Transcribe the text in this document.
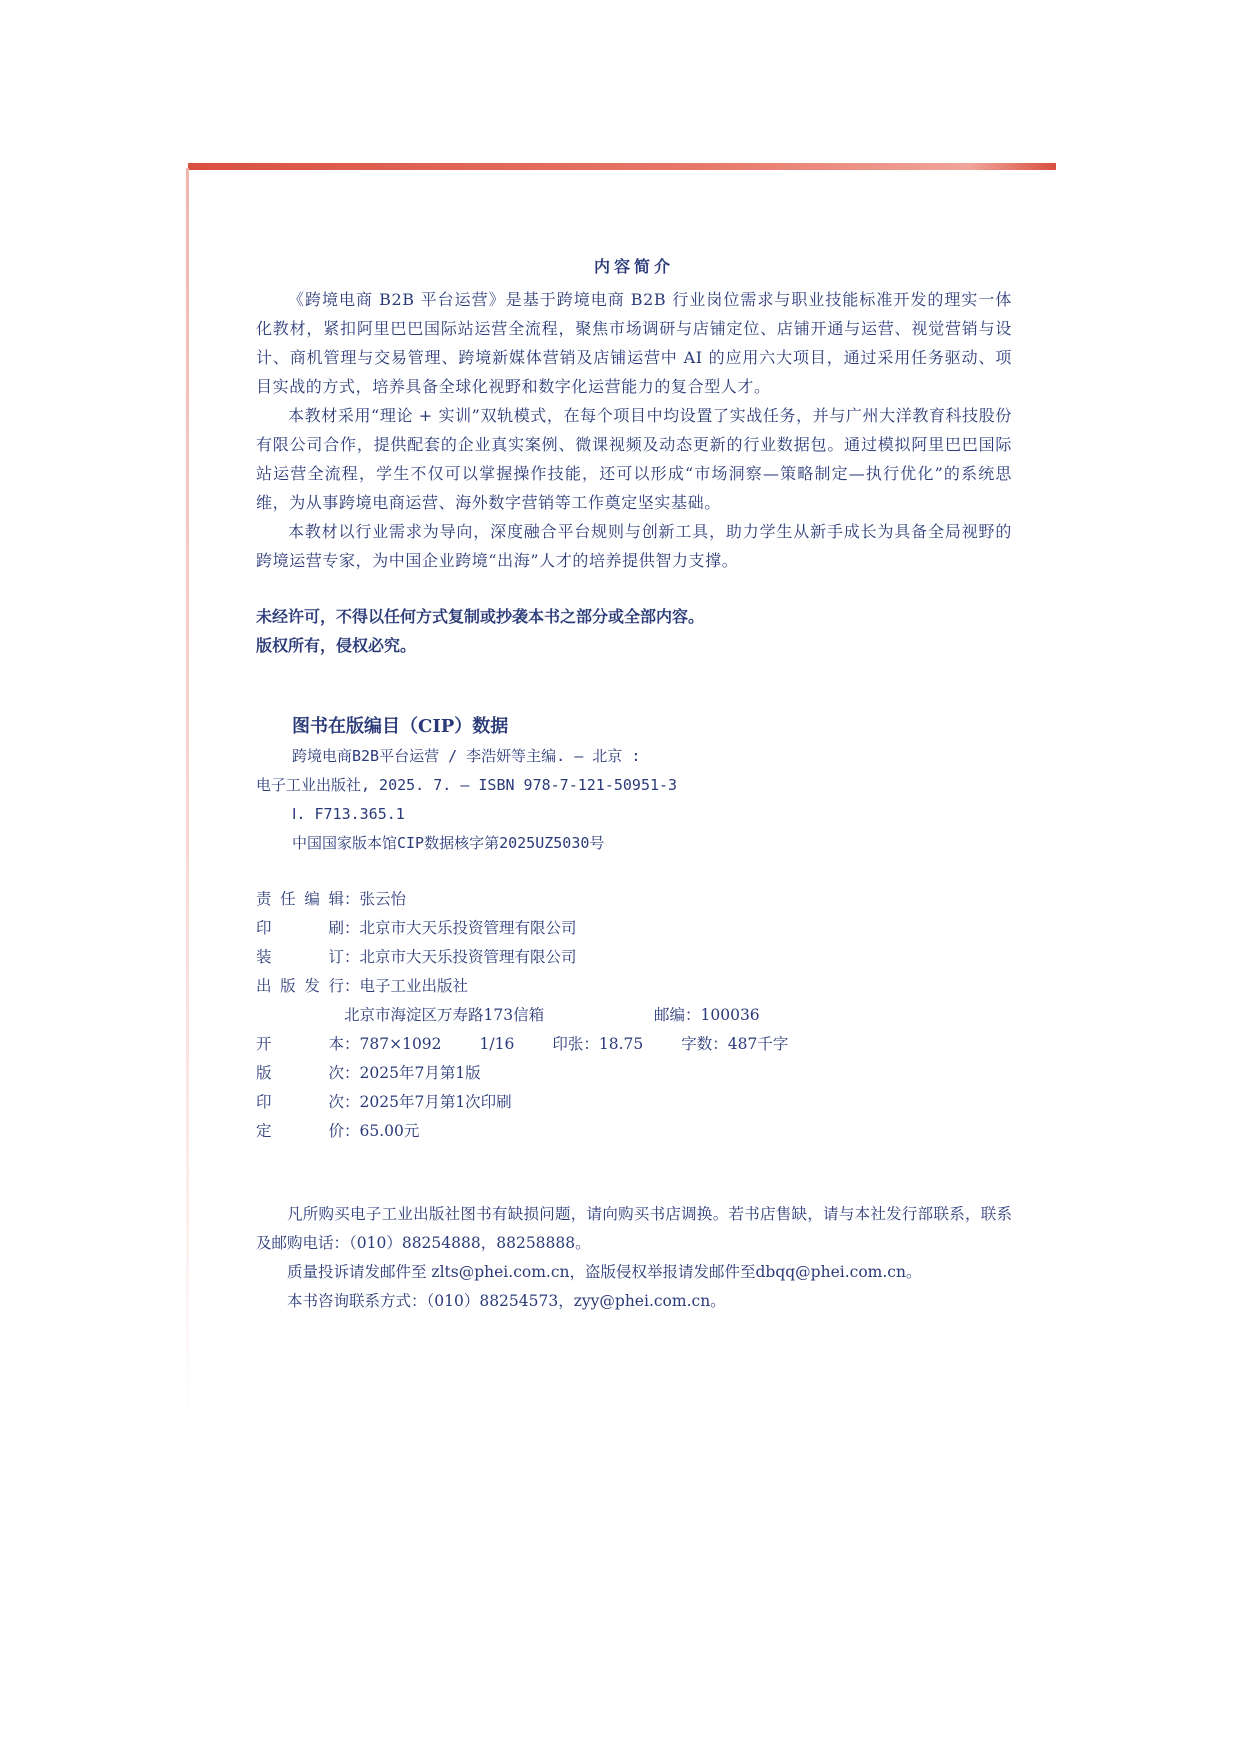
内容简介

《跨境电商 B2B 平台运营》是基于跨境电商 B2B 行业岗位需求与职业技能标准开发的理实一体化教材，紧扣阿里巴巴国际站运营全流程，聚焦市场调研与店铺定位、店铺开通与运营、视觉营销与设计、商机管理与交易管理、跨境新媒体营销及店铺运营中 AI 的应用六大项目，通过采用任务驱动、项目实战的方式，培养具备全球化视野和数字化运营能力的复合型人才。

本教材采用“理论 + 实训”双轨模式，在每个项目中均设置了实战任务，并与广州大洋教育科技股份有限公司合作，提供配套的企业真实案例、微课视频及动态更新的行业数据包。通过模拟阿里巴巴国际站运营全流程，学生不仅可以掌握操作技能，还可以形成“市场洞察—策略制定—执行优化”的系统思维，为从事跨境电商运营、海外数字营销等工作奠定坚实基础。

本教材以行业需求为导向，深度融合平台规则与创新工具，助力学生从新手成长为具备全局视野的跨境运营专家，为中国企业跨境“出海”人才的培养提供智力支撑。

未经许可，不得以任何方式复制或抄袭本书之部分或全部内容。
版权所有，侵权必究。
图书在版编目（CIP）数据
跨境电商B2B平台运营 / 李浩妍等主编. — 北京 :
电子工业出版社, 2025. 7. — ISBN 978-7-121-50951-3
Ⅰ. F713.365.1
中国国家版本馆CIP数据核字第2025UZ5030号
责 任 编 辑 ： 张云怡
印	刷 ： 北京市大天乐投资管理有限公司
装	订 ： 北京市大天乐投资管理有限公司
出 版 发 行 ： 电子工业出版社
北京市海淀区万寿路173信箱	邮编：100036
开	本 ： 787×1092 1/16 印张：18.75 字数：487千字
版	次 ： 2025年7月第1版
印	次 ： 2025年7月第1次印刷
定	价 ： 65.00元

凡所购买电子工业出版社图书有缺损问题，请向购买书店调换。若书店售缺，请与本社发行部联系，联系及邮购电话：（010）88254888，88258888。

质量投诉请发邮件至 zlts@phei.com.cn，盗版侵权举报请发邮件至dbqq@phei.com.cn。

本书咨询联系方式：（010）88254573，zyy@phei.com.cn。
